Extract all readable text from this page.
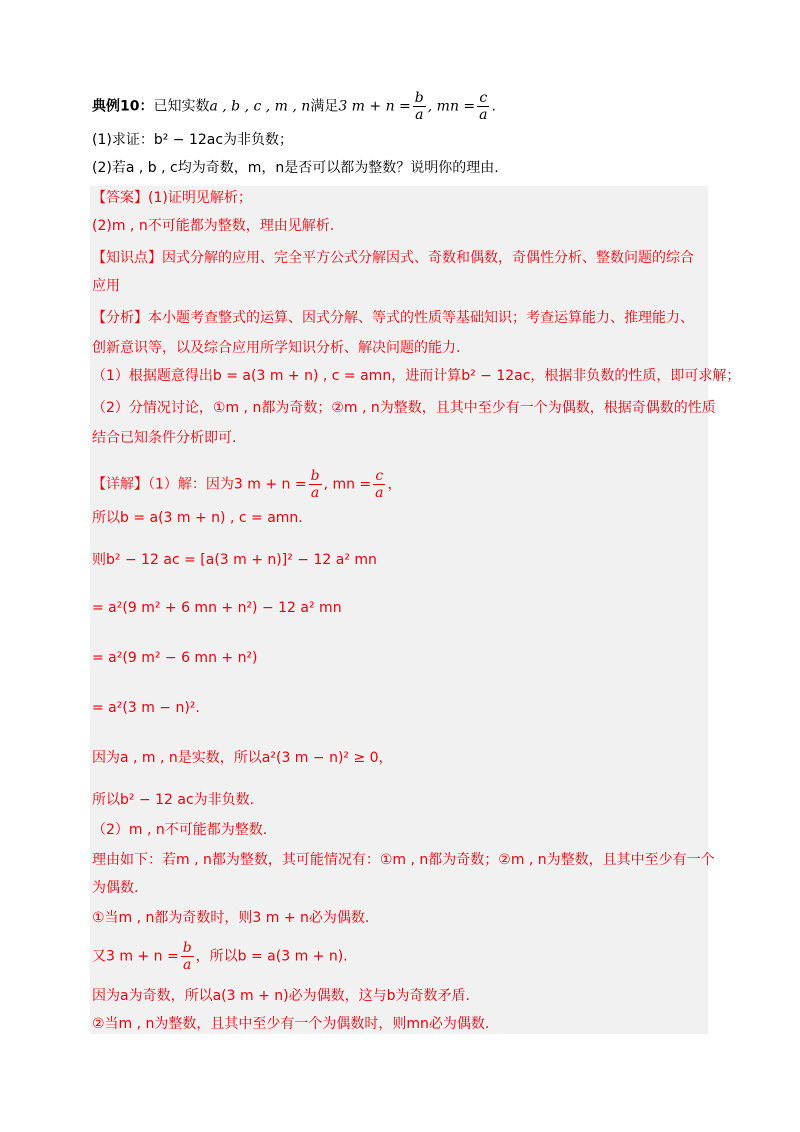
典例10：已知实数a , b , c , m , n满足3 $m + n = \frac{b}{a}$ , mn = $\frac{c}{a}$ .
(1)求证：b² − 12ac为非负数；
(2)若a , b , c均为奇数，m，n是否可以都为整数？说明你的理由.
【答案】(1)证明见解析；
(2)m , n不可能都为整数，理由见解析.
【知识点】因式分解的应用、完全平方公式分解因式、奇数和偶数，奇偶性分析、整数问题的综合
应用
【分析】本小题考查整式的运算、因式分解、等式的性质等基础知识；考查运算能力、推理能力、
创新意识等，以及综合应用所学知识分析、解决问题的能力.
（1）根据题意得出b = a(3 m + n) , c = amn，进而计算b² − 12ac，根据非负数的性质，即可求解；
（2）分情况讨论，①m , n都为奇数；②m , n为整数，且其中至少有一个为偶数，根据奇偶数的性质
结合已知条件分析即可.
【详解】（1）解：因为3 $m + n = \frac{b}{a}$ , mn = $\frac{c}{a}$ ，
所以b = a(3 m + n) , c = amn.
则b² − 12 ac = [a(3 m + n)]² − 12 a² mn
= a²(9 m² + 6 mn + n²) − 12 a² mn
= a²(9 m² − 6 mn + n²)
= a²(3 m − n)².
因为a , m , n是实数，所以a²(3 m − n)² ≥ 0，
所以b² − 12 ac为非负数.
（2）m , n不可能都为整数.
理由如下：若m , n都为整数，其可能情况有：①m , n都为奇数；②m , n为整数，且其中至少有一个
为偶数.
①当m , n都为奇数时，则3 m + n必为偶数.
又3 $m + n = \frac{b}{a}$ ，所以b = a(3 m + n).
因为a为奇数，所以a(3 m + n)必为偶数，这与b为奇数矛盾.
②当m , n为整数，且其中至少有一个为偶数时，则mn必为偶数.
